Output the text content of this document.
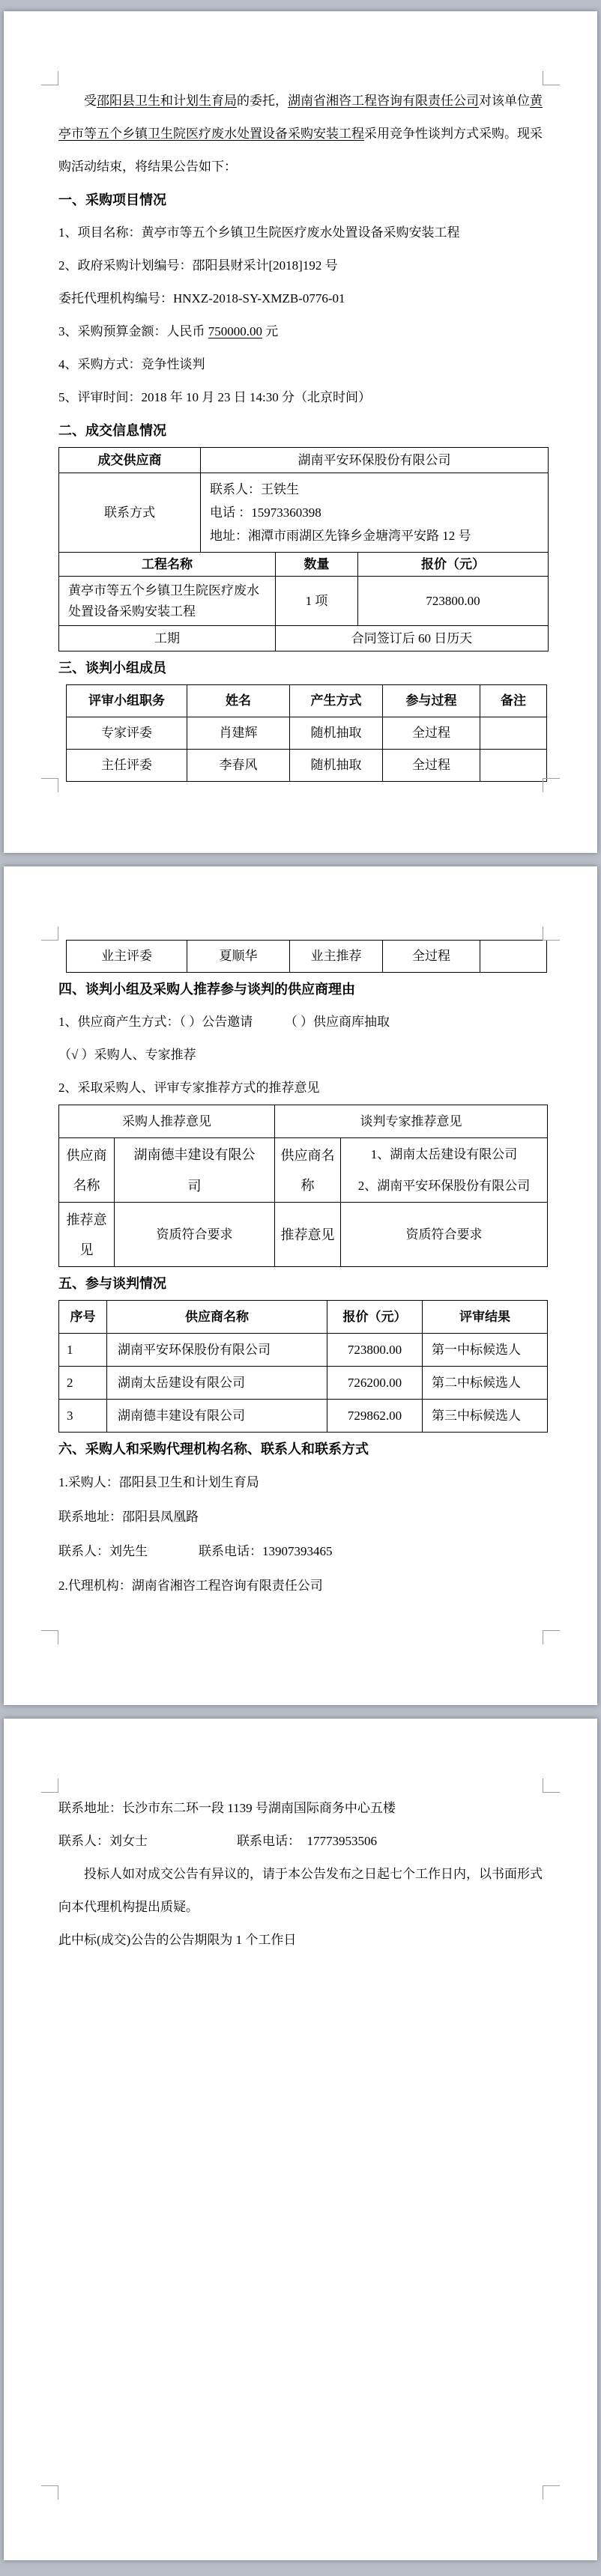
受邵阳县卫生和计划生育局的委托，湖南省湘咨工程咨询有限责任公司对该单位黄亭市等五个乡镇卫生院医疗废水处置设备采购安装工程采用竞争性谈判方式采购。现采购活动结束，将结果公告如下：

一、采购项目情况

1、项目名称：黄亭市等五个乡镇卫生院医疗废水处置设备采购安装工程

2、政府采购计划编号：邵阳县财采计[2018]192 号

委托代理机构编号：HNXZ-2018-SY-XMZB-0776-01

3、采购预算金额：人民币 750000.00 元

4、采购方式：竞争性谈判

5、评审时间：2018 年 10 月 23 日 14:30 分（北京时间）

二、成交信息情况
成交供应商	湖南平安环保股份有限公司		
联系方式	联系人：王铁生
电话 ：15973360398
地址：湘潭市雨湖区先锋乡金塘湾平安路 12 号		

工程名称		数量	报价（元）
黄亭市等五个乡镇卫生院医疗废水处置设备采购安装工程		1 项	723800.00
工期		合同签订后 60 日历天	
三、谈判小组成员
评审小组职务	姓名	产生方式	参与过程	备注
专家评委	肖建辉	随机抽取	全过程	
主任评委	李春风	随机抽取	全过程	
业主评委	夏顺华	业主推荐	全过程	
四、谈判小组及采购人推荐参与谈判的供应商理由

1、供应商产生方式：（ ）公告邀请　　　（ ）供应商库抽取

（√ ）采购人、专家推荐

2、采取采购人、评审专家推荐方式的推荐意见

采购人推荐意见		谈判专家推荐意见	
供应商名称	湖南德丰建设有限公司	供应商名称	1、湖南太岳建设有限公司
2、湖南平安环保股份有限公司

推荐意见	资质符合要求	推荐意见	资质符合要求
五、参与谈判情况
序号	供应商名称	报价（元）	评审结果
1	湖南平安环保股份有限公司	723800.00	第一中标候选人
2	湖南太岳建设有限公司	726200.00	第二中标候选人
3	湖南德丰建设有限公司	729862.00	第三中标候选人
六、采购人和采购代理机构名称、联系人和联系方式

1.采购人：邵阳县卫生和计划生育局

联系地址：邵阳县凤凰路

联系人：刘先生　　　　联系电话：13907393465

2.代理机构：湖南省湘咨工程咨询有限责任公司

联系地址：长沙市东二环一段 1139 号湖南国际商务中心五楼

联系人：刘女士　　　　　　　联系电话：  17773953506

投标人如对成交公告有异议的，请于本公告发布之日起七个工作日内，以书面形式向本代理机构提出质疑。

此中标(成交)公告的公告期限为 1 个工作日
